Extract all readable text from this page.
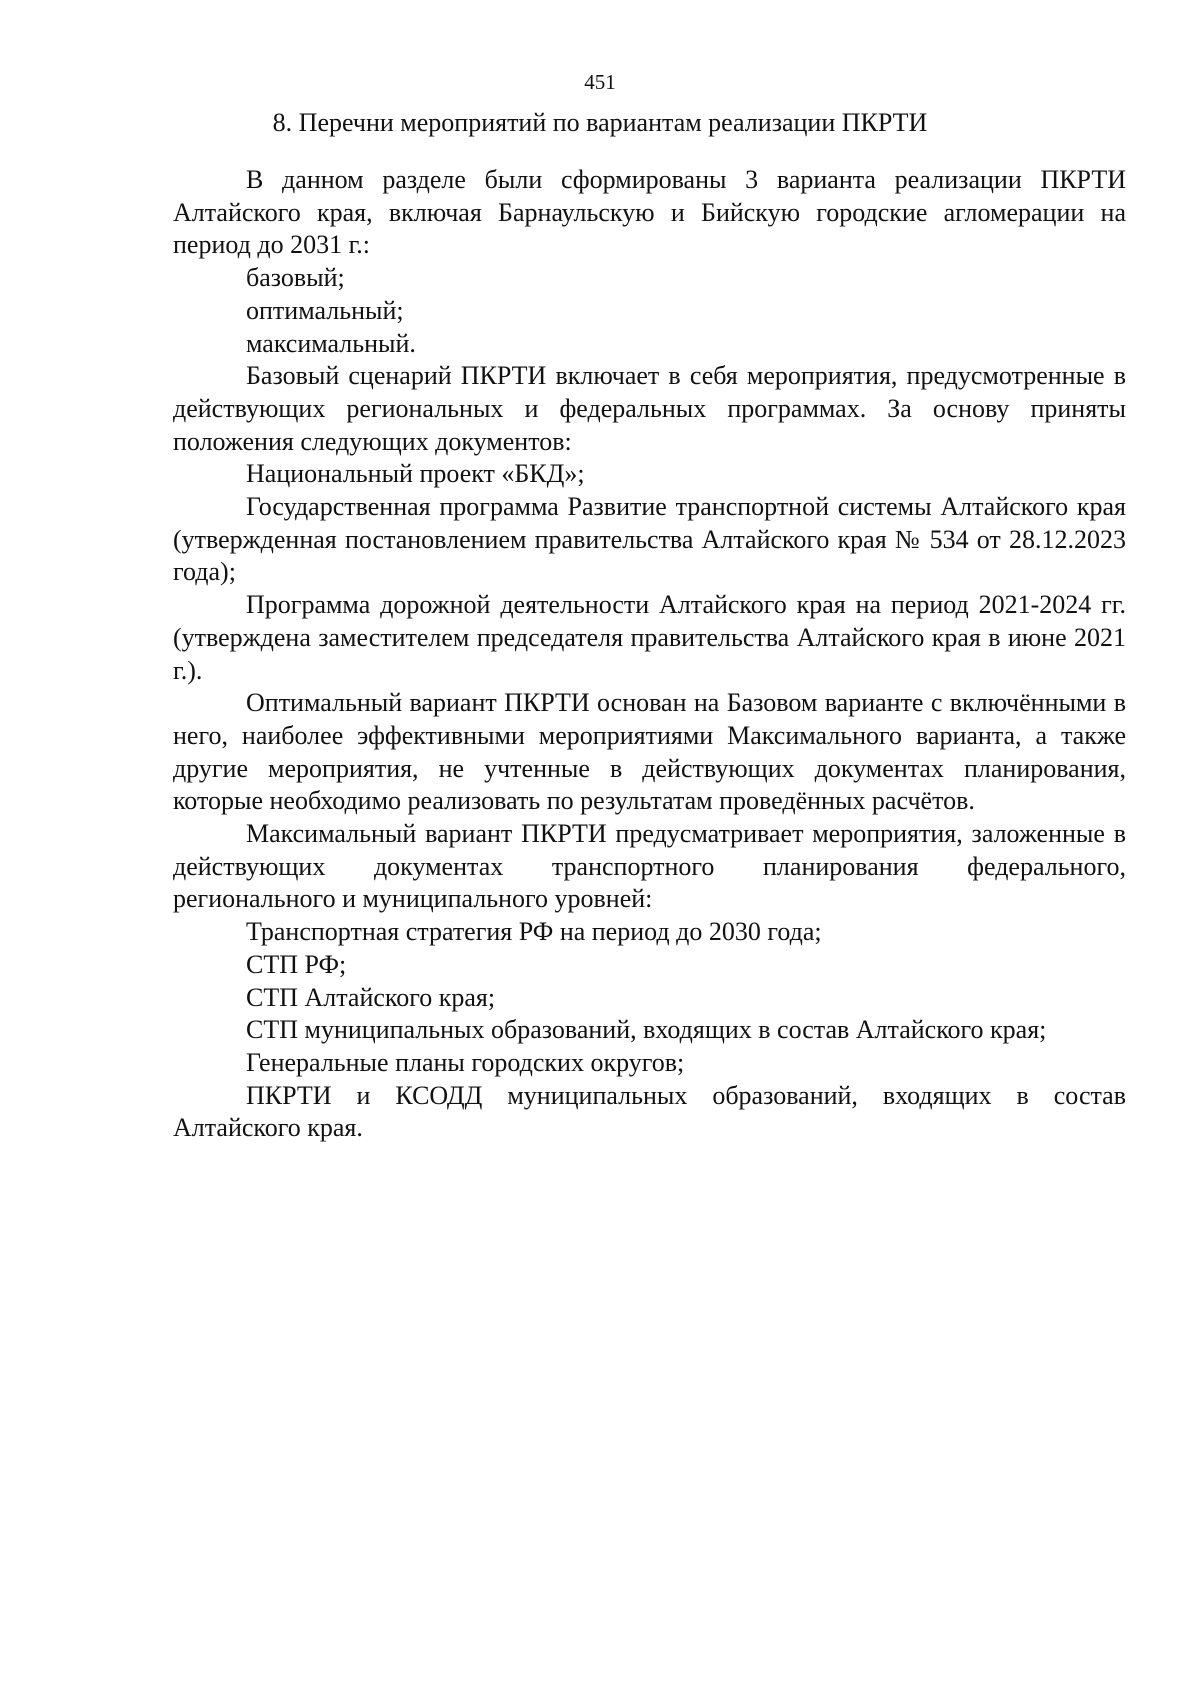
451
8. Перечни мероприятий по вариантам реализации ПКРТИ

В данном разделе были сформированы 3 варианта реализации ПКРТИ Алтайского края, включая Барнаульскую и Бийскую городские агломерации на период до 2031 г.:

базовый;

оптимальный;

максимальный.

Базовый сценарий ПКРТИ включает в себя мероприятия, предусмотренные в действующих региональных и федеральных программах. За основу приняты положения следующих документов:

Национальный проект «БКД»;

Государственная программа Развитие транспортной системы Алтайского края (утвержденная постановлением правительства Алтайского края № 534 от 28.12.2023 года);

Программа дорожной деятельности Алтайского края на период 2021-2024 гг. (утверждена заместителем председателя правительства Алтайского края в июне 2021 г.).

Оптимальный вариант ПКРТИ основан на Базовом варианте с включёнными в него, наиболее эффективными мероприятиями Максимального варианта, а также другие мероприятия, не учтенные в действующих документах планирования, которые необходимо реализовать по результатам проведённых расчётов.

Максимальный вариант ПКРТИ предусматривает мероприятия, заложенные в действующих документах транспортного планирования федерального, регионального и муниципального уровней:

Транспортная стратегия РФ на период до 2030 года;

СТП РФ;

СТП Алтайского края;

СТП муниципальных образований, входящих в состав Алтайского края;

Генеральные планы городских округов;

ПКРТИ и КСОДД муниципальных образований, входящих в состав Алтайского края.
